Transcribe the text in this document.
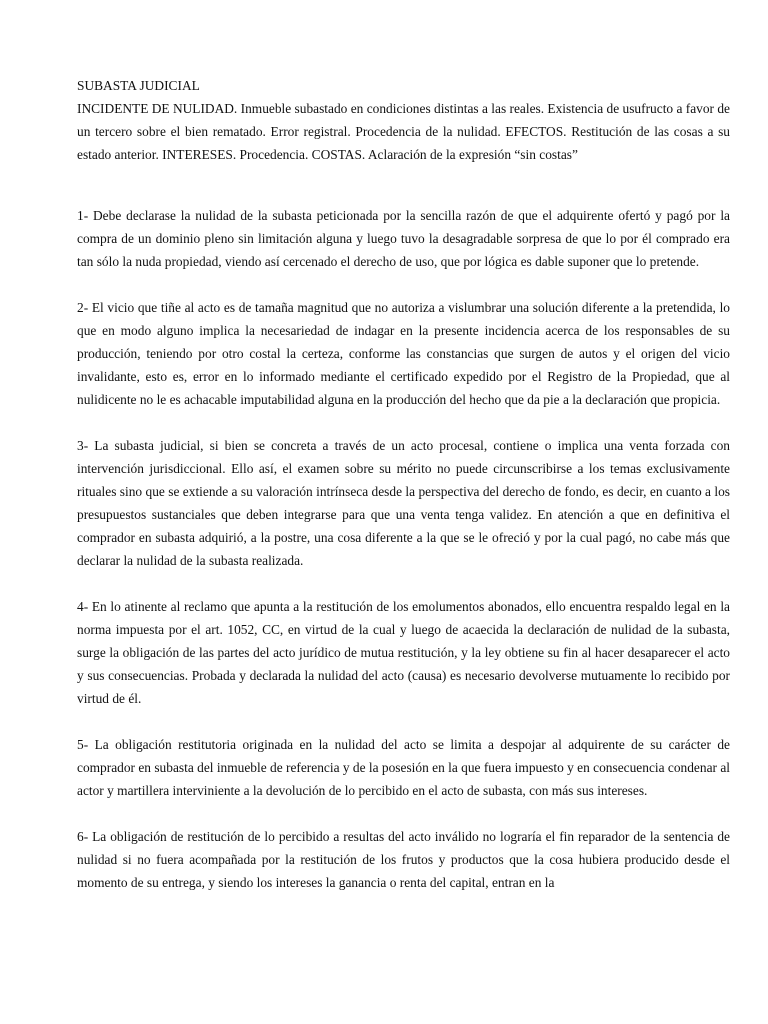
SUBASTA JUDICIAL

INCIDENTE DE NULIDAD. Inmueble subastado en condiciones distintas a las reales. Existencia de usufructo a favor de un tercero sobre el bien rematado. Error registral. Procedencia de la nulidad. EFECTOS. Restitución de las cosas a su estado anterior. INTERESES. Procedencia. COSTAS. Aclaración de la expresión “sin costas”

1- Debe declarase la nulidad de la subasta peticionada por la sencilla razón de que el adquirente ofertó y pagó por la compra de un dominio pleno sin limitación alguna y luego tuvo la desagradable sorpresa de que lo por él comprado era tan sólo la nuda propiedad, viendo así cercenado el derecho de uso, que por lógica es dable suponer que lo pretende.

2- El vicio que tiñe al acto es de tamaña magnitud que no autoriza a vislumbrar una solución diferente a la pretendida, lo que en modo alguno implica la necesariedad de indagar en la presente incidencia acerca de los responsables de su producción, teniendo por otro costal la certeza, conforme las constancias que surgen de autos y el origen del vicio invalidante, esto es, error en lo informado mediante el certificado expedido por el Registro de la Propiedad, que al nulidicente no le es achacable imputabilidad alguna en la producción del hecho que da pie a la declaración que propicia.

3- La subasta judicial, si bien se concreta a través de un acto procesal, contiene o implica una venta forzada con intervención jurisdiccional. Ello así, el examen sobre su mérito no puede circunscribirse a los temas exclusivamente rituales sino que se extiende a su valoración intrínseca desde la perspectiva del derecho de fondo, es decir, en cuanto a los presupuestos sustanciales que deben integrarse para que una venta tenga validez. En atención a que en definitiva el comprador en subasta adquirió, a la postre, una cosa diferente a la que se le ofreció y por la cual pagó, no cabe más que declarar la nulidad de la subasta realizada.

4- En lo atinente al reclamo que apunta a la restitución de los emolumentos abonados, ello encuentra respaldo legal en la norma impuesta por el art. 1052, CC, en virtud de la cual y luego de acaecida la declaración de nulidad de la subasta, surge la obligación de las partes del acto jurídico de mutua restitución, y la ley obtiene su fin al hacer desaparecer el acto y sus consecuencias. Probada y declarada la nulidad del acto (causa) es necesario devolverse mutuamente lo recibido por virtud de él.

5- La obligación restitutoria originada en la nulidad del acto se limita a despojar al adquirente de su carácter de comprador en subasta del inmueble de referencia y de la posesión en la que fuera impuesto y en consecuencia condenar al actor y martillera interviniente a la devolución de lo percibido en el acto de subasta, con más sus intereses.

6- La obligación de restitución de lo percibido a resultas del acto inválido no lograría el fin reparador de la sentencia de nulidad si no fuera acompañada por la restitución de los frutos y productos que la cosa hubiera producido desde el momento de su entrega, y siendo los intereses la ganancia o renta del capital, entran en la
